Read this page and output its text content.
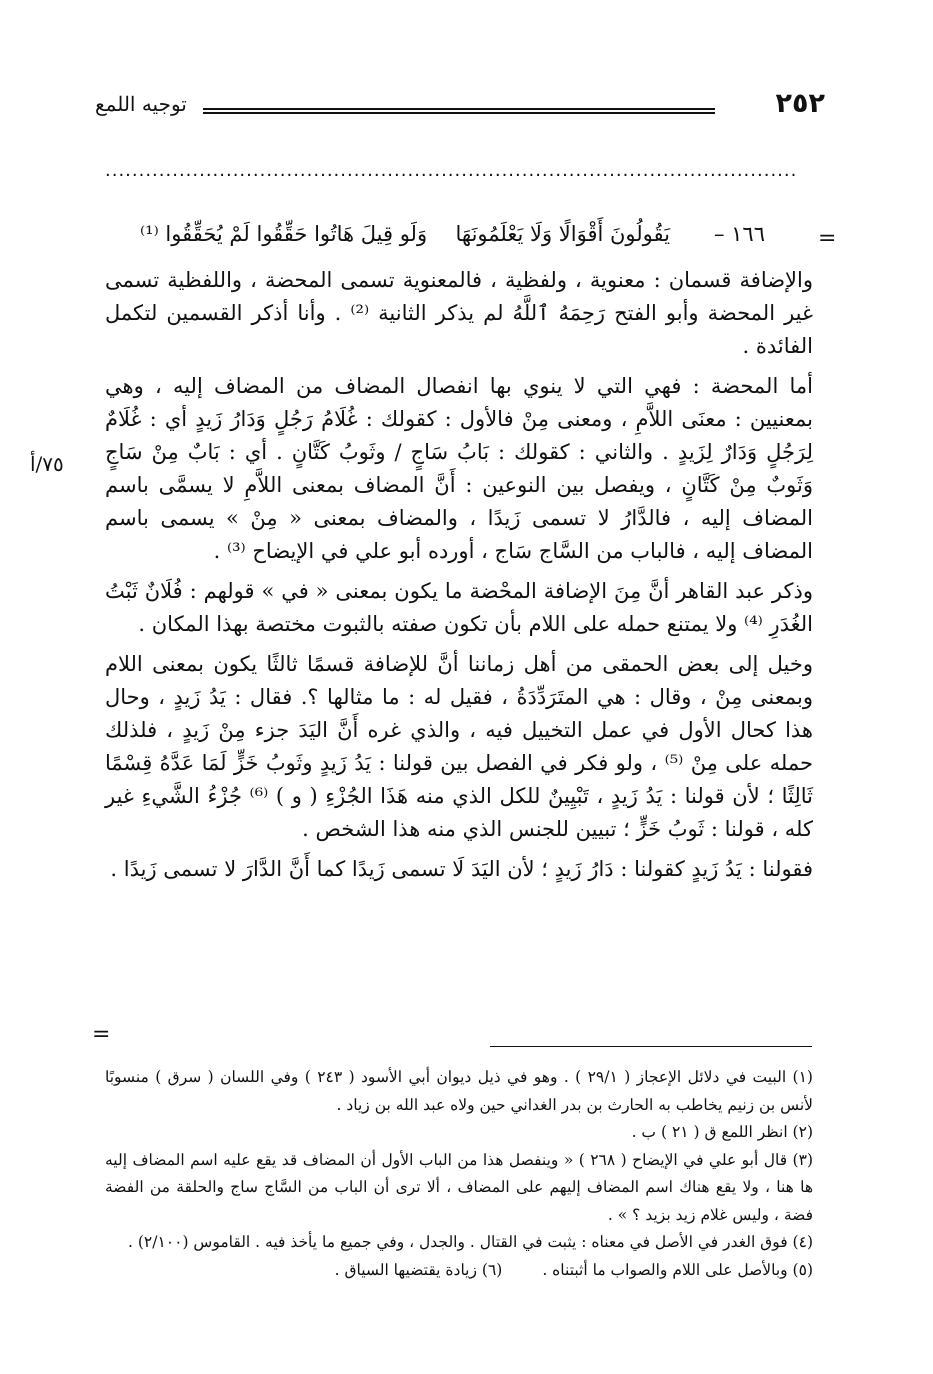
٢٥٢
توجيه اللمع
.......................................................................................................
=
١٦٦ –
يَقُولُونَ أَقْوَالًا وَلَا يَعْلَمُونَهَا
وَلَو قِيلَ هَاتُوا حَقِّقُوا لَمْ يُحَقِّقُوا ⁽¹⁾
٧٥/أ

والإضافة قسمان : معنوية ، ولفظية ، فالمعنوية تسمى المحضة ، واللفظية تسمى غير المحضة وأبو الفتح رَحِمَهُ ٱللَّهُ لم يذكر الثانية ⁽²⁾ . وأنا أذكر القسمين لتكمل الفائدة .

أما المحضة : فهي التي لا ينوي بها انفصال المضاف من المضاف إليه ، وهي بمعنيين : معنَى اللاَّمِ ، ومعنى مِنْ فالأول : كقولك : غُلَامُ رَجُلٍ وَدَارُ زَيدٍ أي : غُلَامٌ لِرَجُلٍ وَدَارٌ لِزَيدٍ . والثاني : كقولك : بَابُ سَاجٍ / وثَوبُ كَتَّانٍ . أي : بَابٌ مِنْ سَاجٍ وَثَوبٌ مِنْ كَتَّانٍ ، ويفصل بين النوعين : أَنَّ المضاف بمعنى اللاَّمِ لا يسمَّى باسم المضاف إليه ، فالدَّارُ لا تسمى زَيدًا ، والمضاف بمعنى « مِنْ » يسمى باسم المضاف إليه ، فالباب من السَّاج سَاج ، أورده أبو علي في الإيضاح ⁽³⁾ .

وذكر عبد القاهر أنَّ مِنَ الإضافة المحْضة ما يكون بمعنى « في » قولهم : فُلَانٌ ثَبْتُ الغُدَرِ ⁽⁴⁾ ولا يمتنع حمله على اللام بأن تكون صفته بالثبوت مختصة بهذا المكان .

وخيل إلى بعض الحمقى من أهل زماننا أنَّ للإضافة قسمًا ثالثًا يكون بمعنى اللام وبمعنى مِنْ ، وقال : هي المتَرَدِّدَةُ ، فقيل له : ما مثالها ؟. فقال : يَدُ زَيدٍ ، وحال هذا كحال الأول في عمل التخييل فيه ، والذي غره أَنَّ اليَدَ جزء مِنْ زَيدٍ ، فلذلك حمله على مِنْ ⁽⁵⁾ ، ولو فكر في الفصل بين قولنا : يَدُ زَيدٍ وثَوبُ خَزٍّ لَمَا عَدَّهُ قِسْمًا ثَالِثًا ؛ لأن قولنا : يَدُ زَيدٍ ، تَبْيِينٌ للكل الذي منه هَذَا الجُزْءِ ( و ) ⁽⁶⁾ جُزْءُ الشَّيءِ غير كله ، قولنا : ثَوبُ خَزٍّ ؛ تبيين للجنس الذي منه هذا الشخص .

فقولنا : يَدُ زَيدٍ كقولنا : دَارُ زَيدٍ ؛ لأن اليَدَ لَا تسمى زَيدًا كما أَنَّ الدَّارَ لا تسمى زَيدًا .

=

(١) البيت في دلائل الإعجاز ( ٢٩/١ ) . وهو في ذيل ديوان أبي الأسود ( ٢٤٣ ) وفي اللسان ( سرق ) منسوبًا لأنس بن زنيم يخاطب به الحارث بن بدر الغداني حين ولاه عبد الله بن زياد .

(٢) انظر اللمع ق ( ٢١ ) ب .

(٣) قال أبو علي في الإيضاح ( ٢٦٨ ) « وينفصل هذا من الباب الأول أن المضاف قد يقع عليه اسم المضاف إليه ها هنا ، ولا يقع هناك اسم المضاف إليهم على المضاف ، ألا ترى أن الباب من السَّاج ساج والحلقة من الفضة فضة ، وليس غلام زيد بزيد ؟ » .

(٤) فوق الغدر في الأصل في معناه : يثبت في القتال . والجدل ، وفي جميع ما يأخذ فيه . القاموس (٢/١٠٠) .

(٥) وبالأصل على اللام والصواب ما أثبتناه .
(٦) زيادة يقتضيها السياق .
